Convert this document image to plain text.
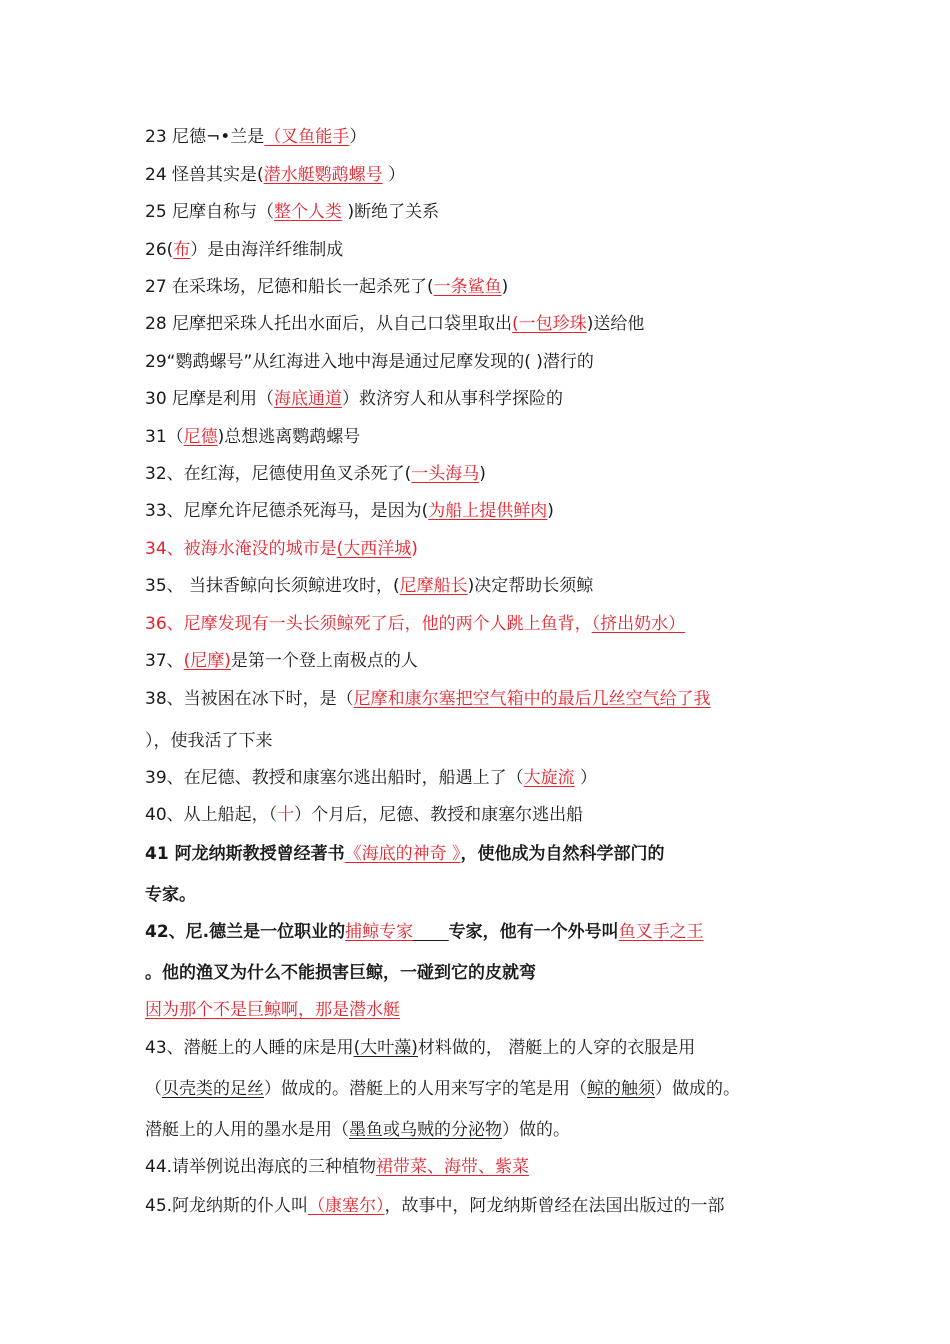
23 尼德¬•兰是（叉鱼能手）
24 怪兽其实是(潜水艇鹦鹉螺号 ）
25 尼摩自称与（整个人类 )断绝了关系
26(布）是由海洋纤维制成
27 在采珠场，尼德和船长一起杀死了(一条鲨鱼)
28 尼摩把采珠人托出水面后，从自己口袋里取出(一包珍珠)送给他
29“鹦鹉螺号”从红海进入地中海是通过尼摩发现的( )潜行的
30 尼摩是利用（海底通道）救济穷人和从事科学探险的
31（尼德)总想逃离鹦鹉螺号
32、在红海，尼德使用鱼叉杀死了(一头海马)
33、尼摩允许尼德杀死海马，是因为(为船上提供鲜肉)
34、被海水淹没的城市是(大西洋城)
35、 当抹香鲸向长须鲸进攻时，(尼摩船长)决定帮助长须鲸
36、尼摩发现有一头长须鲸死了后，他的两个人跳上鱼背，（挤出奶水）
37、(尼摩)是第一个登上南极点的人
38、当被困在冰下时，是（尼摩和康尔塞把空气箱中的最后几丝空气给了我
），使我活了下来
39、在尼德、教授和康塞尔逃出船时，船遇上了（大旋流 ）
40、从上船起，（十）个月后，尼德、教授和康塞尔逃出船
41 阿龙纳斯教授曾经著书《海底的神奇 》，使他成为自然科学部门的
专家。
42、尼.德兰是一位职业的捕鲸专家 专家，他有一个外号叫鱼叉手之王
。他的渔叉为什么不能损害巨鲸，一碰到它的皮就弯
因为那个不是巨鲸啊，那是潜水艇
43、潜艇上的人睡的床是用(大叶藻)材料做的， 潜艇上的人穿的衣服是用
（贝壳类的足丝）做成的。潜艇上的人用来写字的笔是用（鲸的触须）做成的。
潜艇上的人用的墨水是用（墨鱼或乌贼的分泌物）做的。
44.请举例说出海底的三种植物裙带菜、海带、紫菜
45.阿龙纳斯的仆人叫（康塞尔），故事中，阿龙纳斯曾经在法国出版过的一部
